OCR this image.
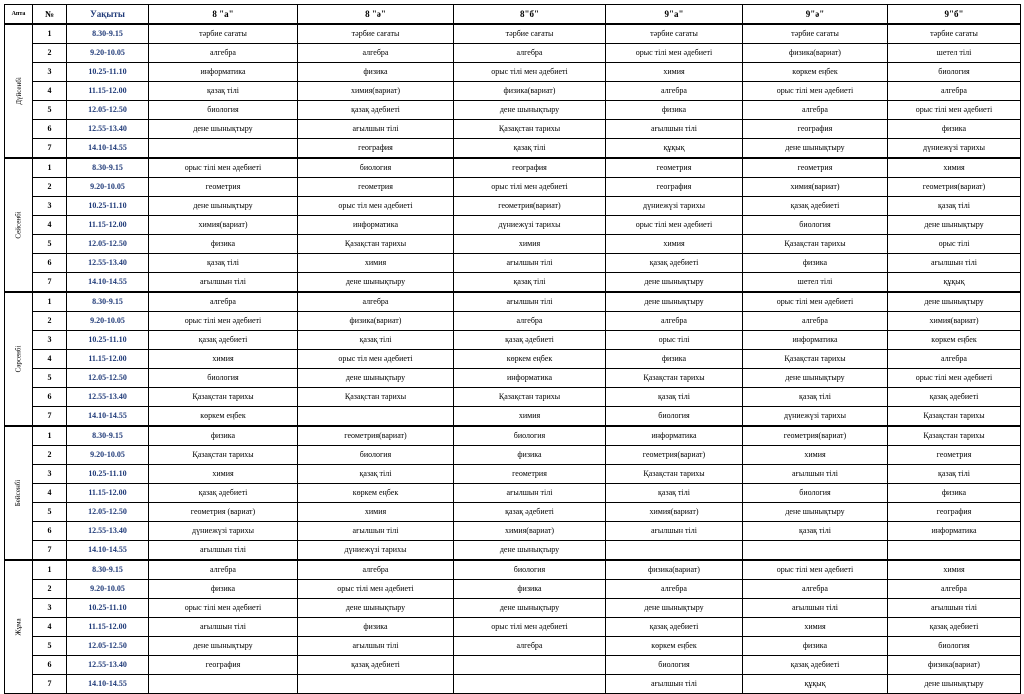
Апта	№	Уақыты	8 "а"	8 "ә"	8"б"	9"а"	9"ә"	9"б"
Дүйсенбі	1	8.30-9.15	тәрбие сағаты	тәрбие сағаты	тәрбие сағаты	тәрбие сағаты	тәрбие сағаты	тәрбие сағаты
	2	9.20-10.05	алгебра	алгебра	алгебра	орыс тілі мен әдебиеті	физика(вариат)	шетел тілі
	3	10.25-11.10	информатика	физика	орыс тілі мен әдебиеті	химия	көркем еңбек	биология
	4	11.15-12.00	қазақ тілі	химия(вариат)	физика(вариат)	алгебра	орыс тілі мен әдебиеті	алгебра
	5	12.05-12.50	биология	қазақ әдебиеті	дене шынықтыру	физика	алгебра	орыс тілі мен әдебиеті
	6	12.55-13.40	дене шынықтыру	ағылшын тілі	Қазақстан тарихы	ағылшын тілі	география	физика
	7	14.10-14.55		география	қазақ тілі	құқық	дене шынықтыру	дүниежүзі тарихы
Сейсенбі	1	8.30-9.15	орыс тілі мен әдебиеті	биология	география	геометрия	геометрия	химия
	2	9.20-10.05	геометрия	геометрия	орыс тілі мен әдебиеті	география	химия(вариат)	геометрия(вариат)
	3	10.25-11.10	дене шынықтыру	орыс тіл мен әдебиеті	геометрия(вариат)	дүниежүзі тарихы	қазақ әдебиеті	қазақ тілі
	4	11.15-12.00	химия(вариат)	информатика	дүниежүзі тарихы	орыс тілі мен әдебиеті	биология	дене шынықтыру
	5	12.05-12.50	физика	Қазақстан тарихы	химия	химия	Қазақстан тарихы	орыс тілі
	6	12.55-13.40	қазақ тілі	химия	ағылшын тілі	қазақ әдебиеті	физика	ағылшын тілі
	7	14.10-14.55	ағылшын тілі	дене шынықтыру	қазақ тілі	дене шынықтыру	шетел тілі	құқық
Сәрсенбі	1	8.30-9.15	алгебра	алгебра	ағылшын тілі	дене шынықтыру	орыс тілі мен әдебиеті	дене шынықтыру
	2	9.20-10.05	орыс тілі мен әдебиеті	физика(вариат)	алгебра	алгебра	алгебра	химия(вариат)
	3	10.25-11.10	қазақ әдебиеті	қазақ тілі	қазақ әдебиеті	орыс тілі	информатика	көркем еңбек
	4	11.15-12.00	химия	орыс тіл мен әдебиеті	көркем еңбек	физика	Қазақстан тарихы	алгебра
	5	12.05-12.50	биология	дене шынықтыру	информатика	Қазақстан тарихы	дене шынықтыру	орыс тілі мен әдебиеті
	6	12.55-13.40	Қазақстан тарихы	Қазақстан тарихы	Қазақстан тарихы	қазақ тілі	қазақ тілі	қазақ әдебиеті
	7	14.10-14.55	көркем еңбек		химия	биология	дүниежүзі тарихы	Қазақстан тарихы
Бейсенбі	1	8.30-9.15	физика	геометрия(вариат)	биология	информатика	геометрия(вариат)	Қазақстан тарихы
	2	9.20-10.05	Қазақстан тарихы	биология	физика	геометрия(вариат)	химия	геометрия
	3	10.25-11.10	химия	қазақ тілі	геометрия	Қазақстан тарихы	ағылшын тілі	қазақ тілі
	4	11.15-12.00	қазақ әдебиеті	көркем еңбек	ағылшын тілі	қазақ тілі	биология	физика
	5	12.05-12.50	геометрия (вариат)	химия	қазақ әдебиеті	химия(вариат)	дене шынықтыру	география
	6	12.55-13.40	дүниежүзі тарихы	ағылшын тілі	химия(вариат)	ағылшын тілі	қазақ тілі	информатика
	7	14.10-14.55	ағылшын тілі	дүниежүзі тарихы	дене шынықтыру			
Жұма	1	8.30-9.15	алгебра	алгебра	биология	физика(вариат)	орыс тілі мен әдебиеті	химия
	2	9.20-10.05	физика	орыс тілі мен әдебиеті	физика	алгебра	алгебра	алгебра
	3	10.25-11.10	орыс тілі мен әдебиеті	дене шынықтыру	дене шынықтыру	дене шынықтыру	ағылшын тілі	ағылшын тілі
	4	11.15-12.00	ағылшын тілі	физика	орыс тілі мен әдебиеті	қазақ әдебиеті	химия	қазақ әдебиеті
	5	12.05-12.50	дене шынықтыру	ағылшын тілі	алгебра	көркем еңбек	физика	биология
	6	12.55-13.40	география	қазақ әдебиеті		биология	қазақ әдебиеті	физика(вариат)
	7	14.10-14.55				ағылшын тілі	құқық	дене шынықтыру
